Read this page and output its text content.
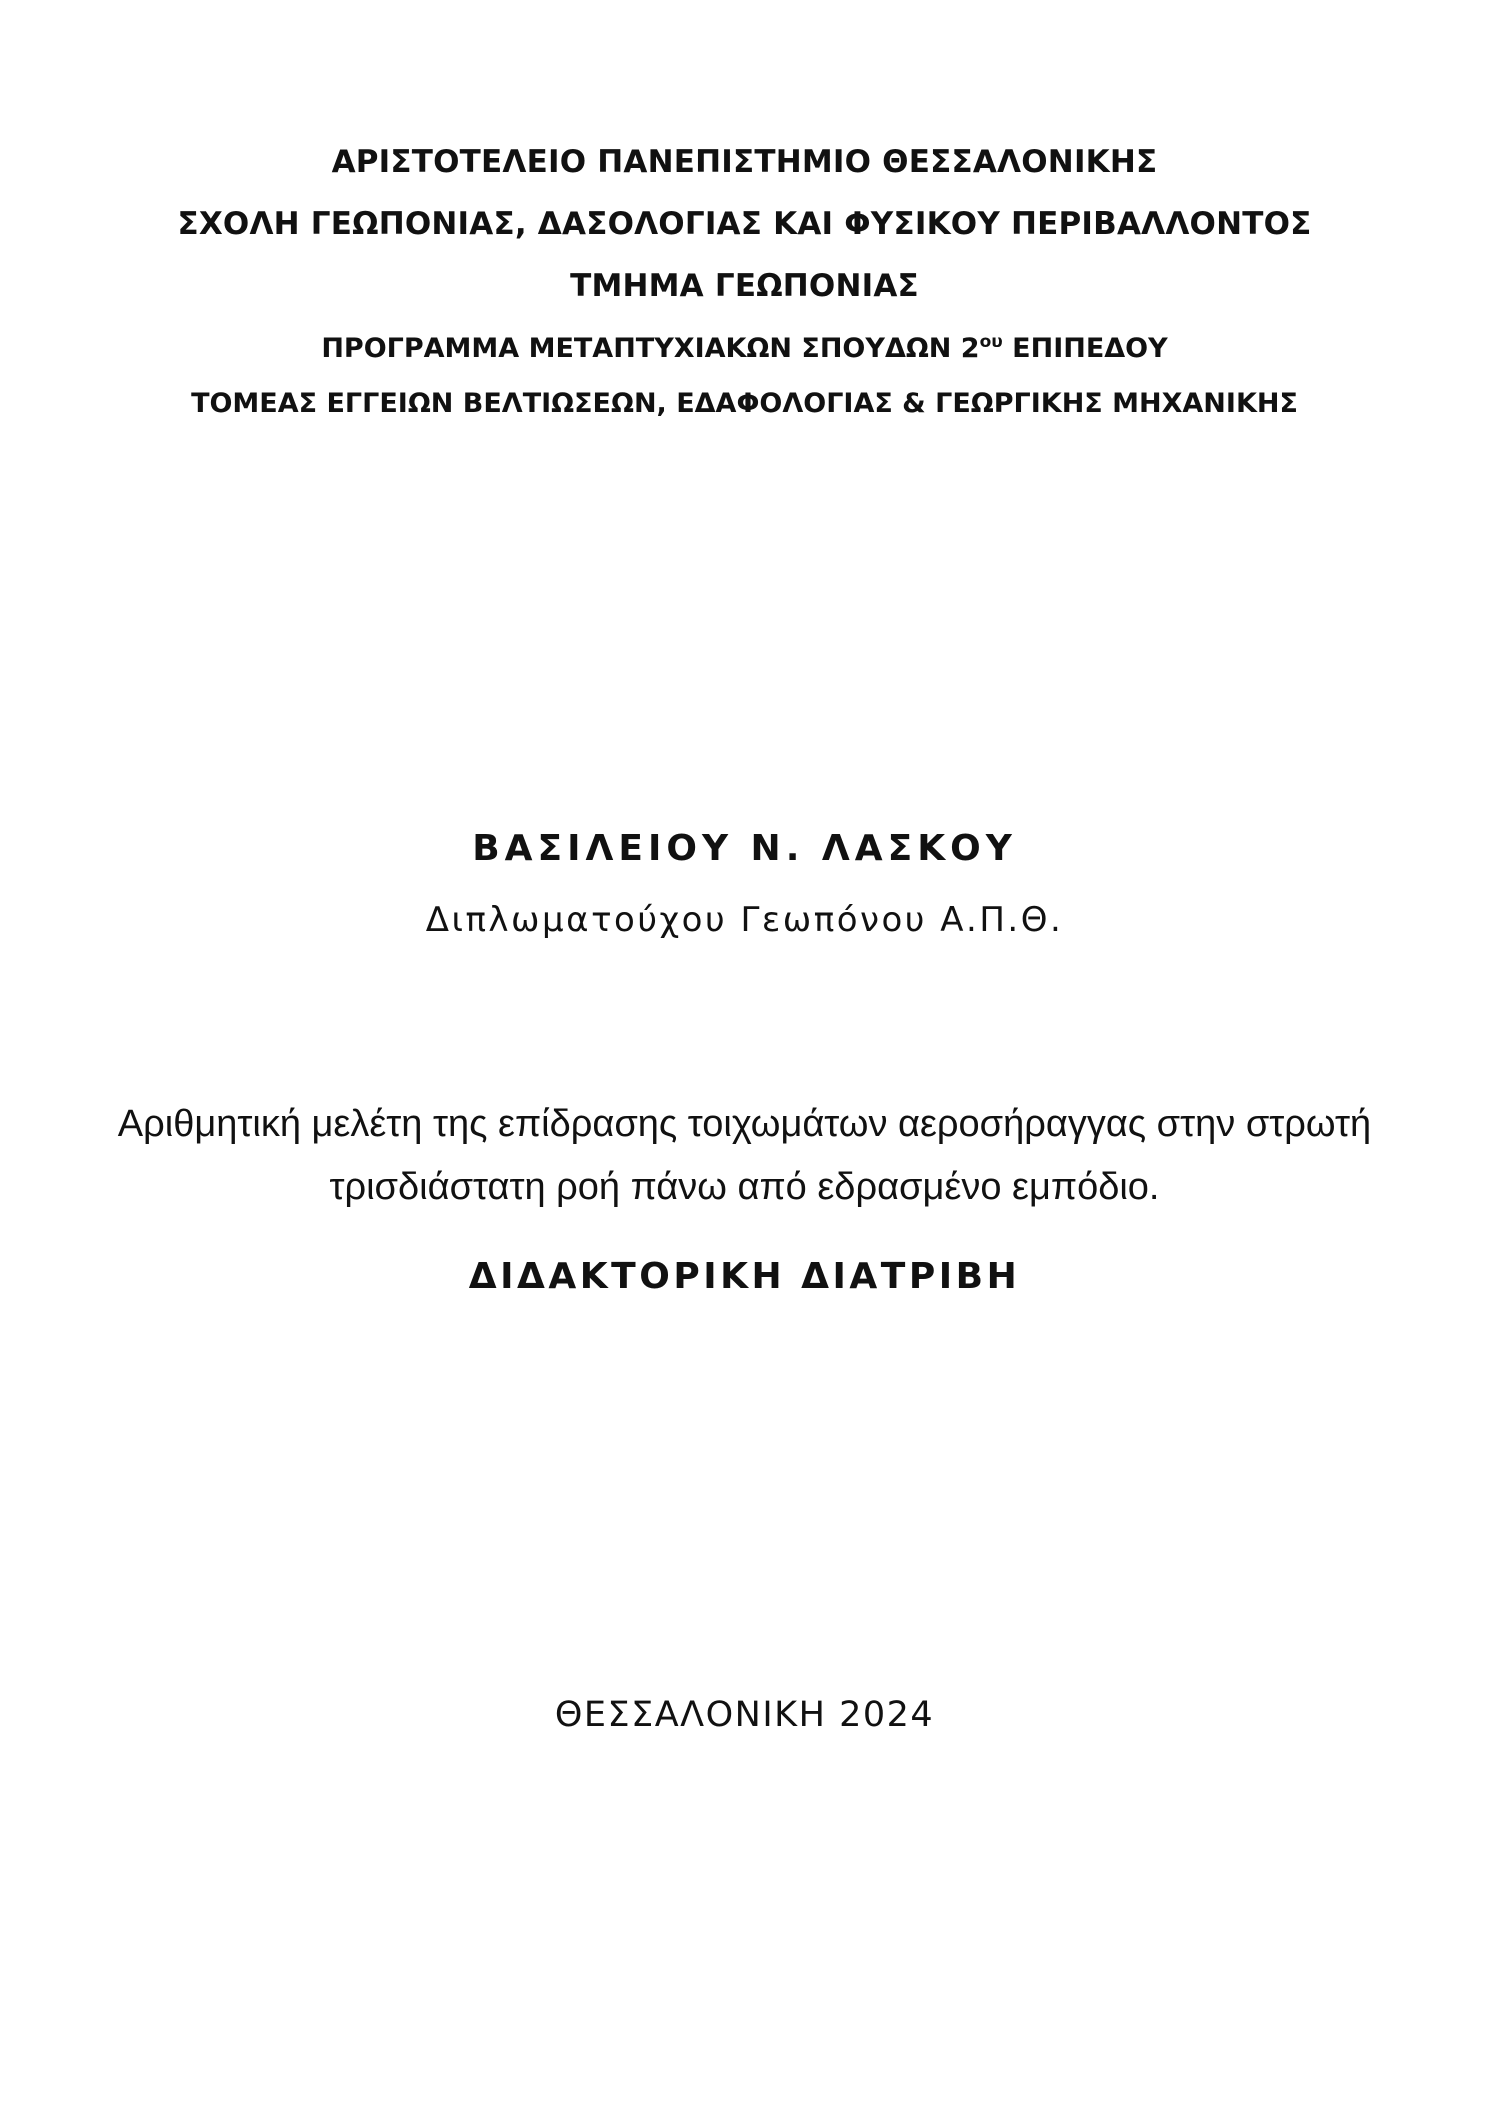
ΑΡΙΣΤΟΤΕΛΕΙΟ ΠΑΝΕΠΙΣΤΗΜΙΟ ΘΕΣΣΑΛΟΝΙΚΗΣ
ΣΧΟΛΗ ΓΕΩΠΟΝΙΑΣ, ΔΑΣΟΛΟΓΙΑΣ ΚΑΙ ΦΥΣΙΚΟΥ ΠΕΡΙΒΑΛΛΟΝΤΟΣ
ΤΜΗΜΑ ΓΕΩΠΟΝΙΑΣ
ΠΡΟΓΡΑΜΜΑ ΜΕΤΑΠΤΥΧΙΑΚΩΝ ΣΠΟΥΔΩΝ $2^{o\upsilon}$ ΕΠΙΠΕΔΟΥ
ΤΟΜΕΑΣ ΕΓΓΕΙΩΝ ΒΕΛΤΙΩΣΕΩΝ, ΕΔΑΦΟΛΟΓΙΑΣ & ΓΕΩΡΓΙΚΗΣ ΜΗΧΑΝΙΚΗΣ
ΒΑΣΙΛΕΙΟΥ Ν. ΛΑΣΚΟΥ
Διπλωματούχου Γεωπόνου Α.Π.Θ.
Αριθμητική μελέτη της επίδρασης τοιχωμάτων αεροσήραγγας στην στρωτή
τρισδιάστατη ροή πάνω από εδρασμένο εμπόδιο.
ΔΙΔΑΚΤΟΡΙΚΗ ΔΙΑΤΡΙΒΗ
ΘΕΣΣΑΛΟΝΙΚΗ 2024
